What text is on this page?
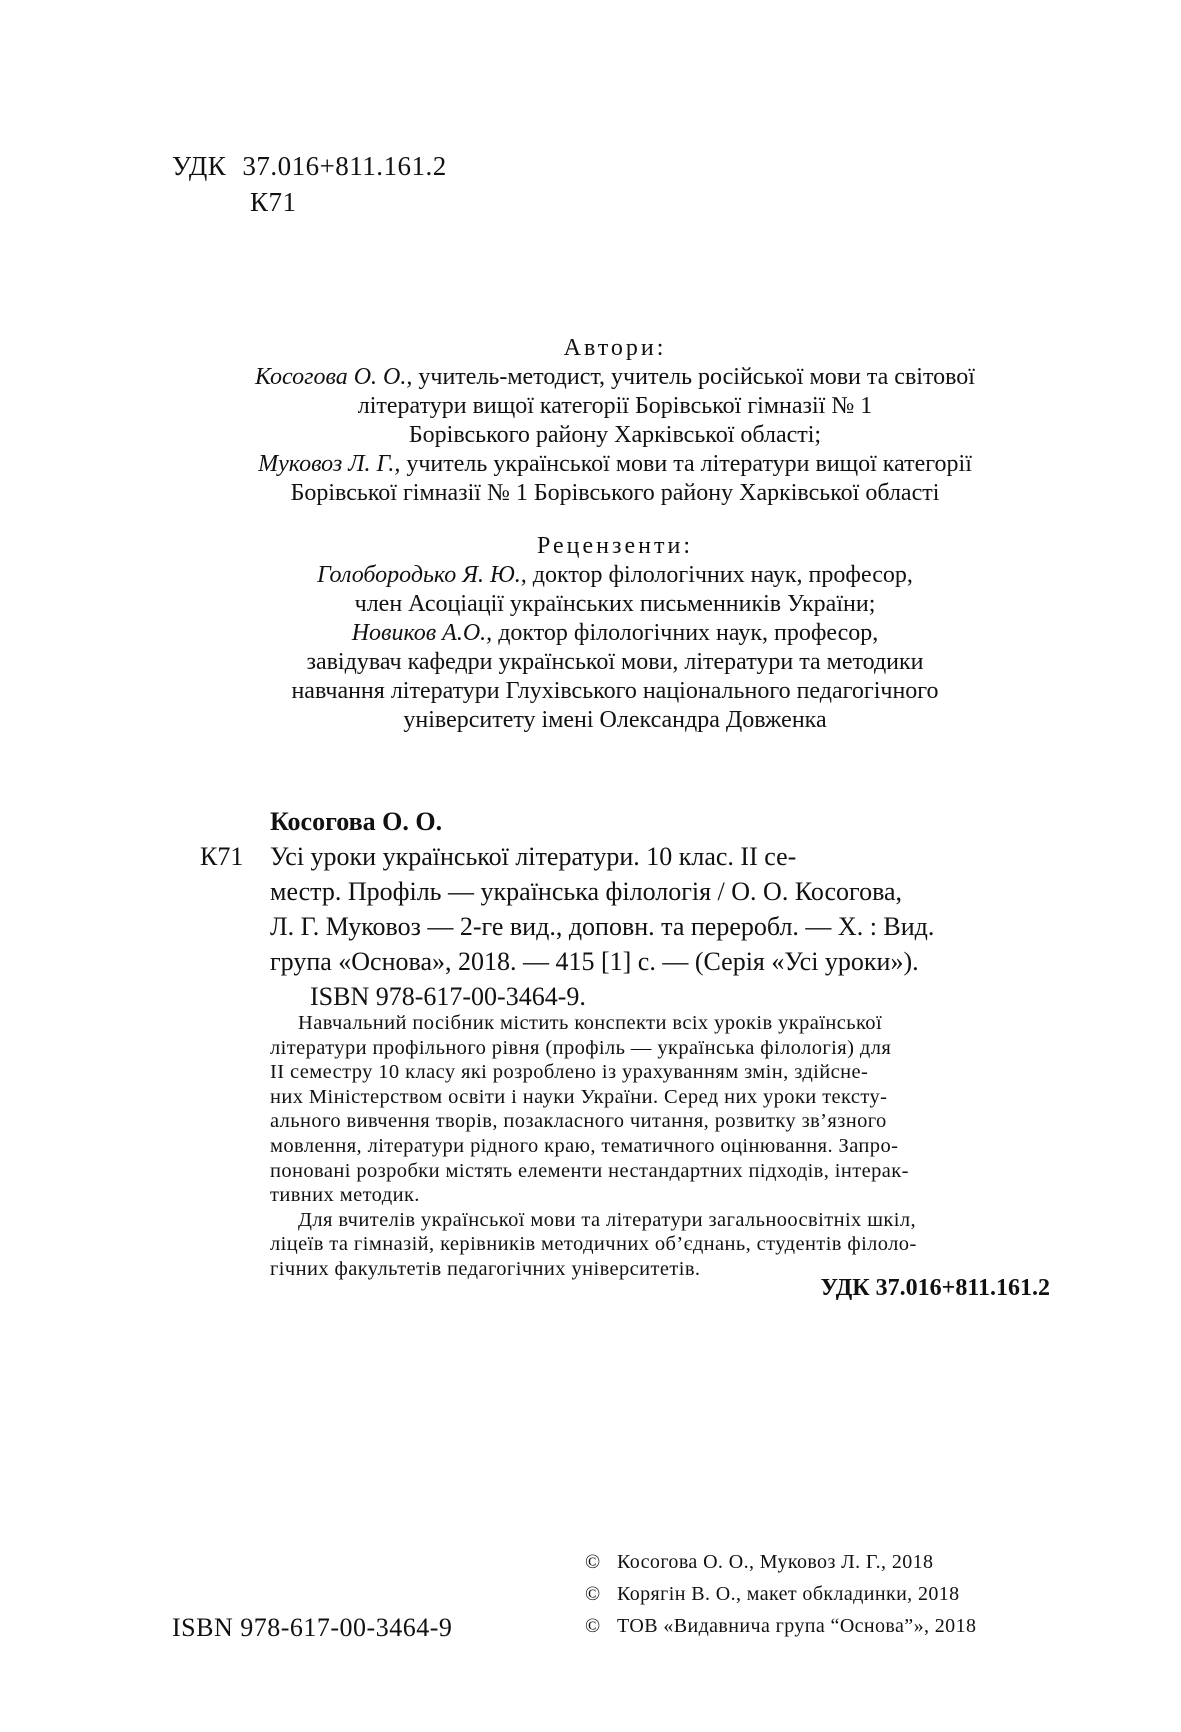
УДК 37.016+811.161.2
К71
Автори:
Косогова О. О., учитель-методист, учитель російської мови та світової
літератури вищої категорії Борівської гімназії № 1
Борівського району Харківської області;
Муковоз Л. Г., учитель української мови та літератури вищої категорії
Борівської гімназії № 1 Борівського району Харківської області
Рецензенти:
Голобородько Я. Ю., доктор філологічних наук, професор,
член Асоціації українських письменників України;
Новиков А.О., доктор філологічних наук, професор,
завідувач кафедри української мови, літератури та методики
навчання літератури Глухівського національного педагогічного
університету імені Олександра Довженка
Косогова О. О.
К71 Усі уроки української літератури. 10 клас. ІІ се-
местр. Профіль — українська філологія / О. О. Косогова,
Л. Г. Муковоз — 2-ге вид., доповн. та переробл. — Х. : Вид.
група «Основа», 2018. — 415 [1] с. — (Серія «Усі уроки»).
ISBN 978-617-00-3464-9.
Навчальний посібник містить конспекти всіх уроків української
літератури профільного рівня (профіль — українська філологія) для
ІІ семестру 10 класу які розроблено із урахуванням змін, здійсне-
них Міністерством освіти і науки України. Серед них уроки тексту-
ального вивчення творів, позакласного читання, розвитку зв’язного
мовлення, літератури рідного краю, тематичного оцінювання. Запро-
поновані розробки містять елементи нестандартних підходів, інтерак-
тивних методик.
Для вчителів української мови та літератури загальноосвітніх шкіл,
ліцеїв та гімназій, керівників методичних об’єднань, студентів філоло-
гічних факультетів педагогічних університетів.
УДК 37.016+811.161.2
ISBN 978-617-00-3464-9
© Косогова О. О., Муковоз Л. Г., 2018
© Корягін В. О., макет обкладинки, 2018
© ТОВ «Видавнича група “Основа”», 2018
